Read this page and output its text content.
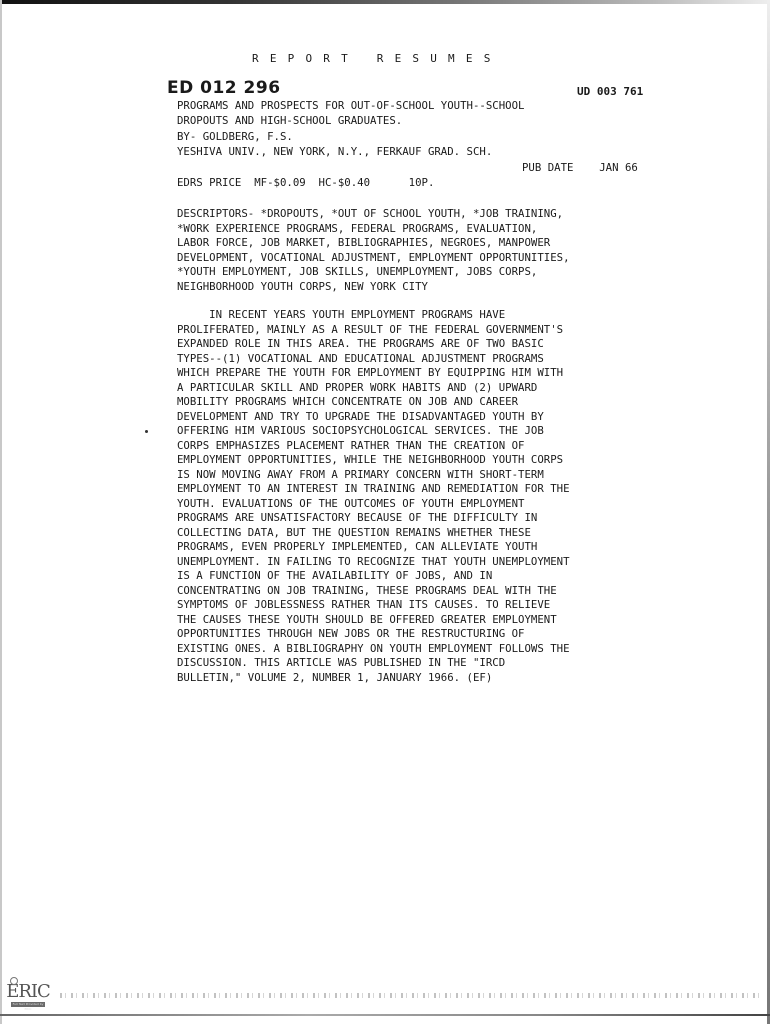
REPORT RESUMES
ED 012 296	UD 003 761
PROGRAMS AND PROSPECTS FOR OUT-OF-SCHOOL YOUTH--SCHOOL
DROPOUTS AND HIGH-SCHOOL GRADUATES.
BY- GOLDBERG, F.S.
YESHIVA UNIV., NEW YORK, N.Y., FERKAUF GRAD. SCH.
PUB DATE    JAN 66
EDRS PRICE  MF-$0.09  HC-$0.40      10P.
DESCRIPTORS- *DROPOUTS, *OUT OF SCHOOL YOUTH, *JOB TRAINING,
*WORK EXPERIENCE PROGRAMS, FEDERAL PROGRAMS, EVALUATION,
LABOR FORCE, JOB MARKET, BIBLIOGRAPHIES, NEGROES, MANPOWER
DEVELOPMENT, VOCATIONAL ADJUSTMENT, EMPLOYMENT OPPORTUNITIES,
*YOUTH EMPLOYMENT, JOB SKILLS, UNEMPLOYMENT, JOBS CORPS,
NEIGHBORHOOD YOUTH CORPS, NEW YORK CITY
IN RECENT YEARS YOUTH EMPLOYMENT PROGRAMS HAVE
PROLIFERATED, MAINLY AS A RESULT OF THE FEDERAL GOVERNMENT'S
EXPANDED ROLE IN THIS AREA. THE PROGRAMS ARE OF TWO BASIC
TYPES--(1) VOCATIONAL AND EDUCATIONAL ADJUSTMENT PROGRAMS
WHICH PREPARE THE YOUTH FOR EMPLOYMENT BY EQUIPPING HIM WITH
A PARTICULAR SKILL AND PROPER WORK HABITS AND (2) UPWARD
MOBILITY PROGRAMS WHICH CONCENTRATE ON JOB AND CAREER
DEVELOPMENT AND TRY TO UPGRADE THE DISADVANTAGED YOUTH BY
OFFERING HIM VARIOUS SOCIOPSYCHOLOGICAL SERVICES. THE JOB
CORPS EMPHASIZES PLACEMENT RATHER THAN THE CREATION OF
EMPLOYMENT OPPORTUNITIES, WHILE THE NEIGHBORHOOD YOUTH CORPS
IS NOW MOVING AWAY FROM A PRIMARY CONCERN WITH SHORT-TERM
EMPLOYMENT TO AN INTEREST IN TRAINING AND REMEDIATION FOR THE
YOUTH. EVALUATIONS OF THE OUTCOMES OF YOUTH EMPLOYMENT
PROGRAMS ARE UNSATISFACTORY BECAUSE OF THE DIFFICULTY IN
COLLECTING DATA, BUT THE QUESTION REMAINS WHETHER THESE
PROGRAMS, EVEN PROPERLY IMPLEMENTED, CAN ALLEVIATE YOUTH
UNEMPLOYMENT. IN FAILING TO RECOGNIZE THAT YOUTH UNEMPLOYMENT
IS A FUNCTION OF THE AVAILABILITY OF JOBS, AND IN
CONCENTRATING ON JOB TRAINING, THESE PROGRAMS DEAL WITH THE
SYMPTOMS OF JOBLESSNESS RATHER THAN ITS CAUSES. TO RELIEVE
THE CAUSES THESE YOUTH SHOULD BE OFFERED GREATER EMPLOYMENT
OPPORTUNITIES THROUGH NEW JOBS OR THE RESTRUCTURING OF
EXISTING ONES. A BIBLIOGRAPHY ON YOUTH EMPLOYMENT FOLLOWS THE
DISCUSSION. THIS ARTICLE WAS PUBLISHED IN THE "IRCD
BULLETIN," VOLUME 2, NUMBER 1, JANUARY 1966. (EF)
ERIC
Full Text Provided by ERIC
